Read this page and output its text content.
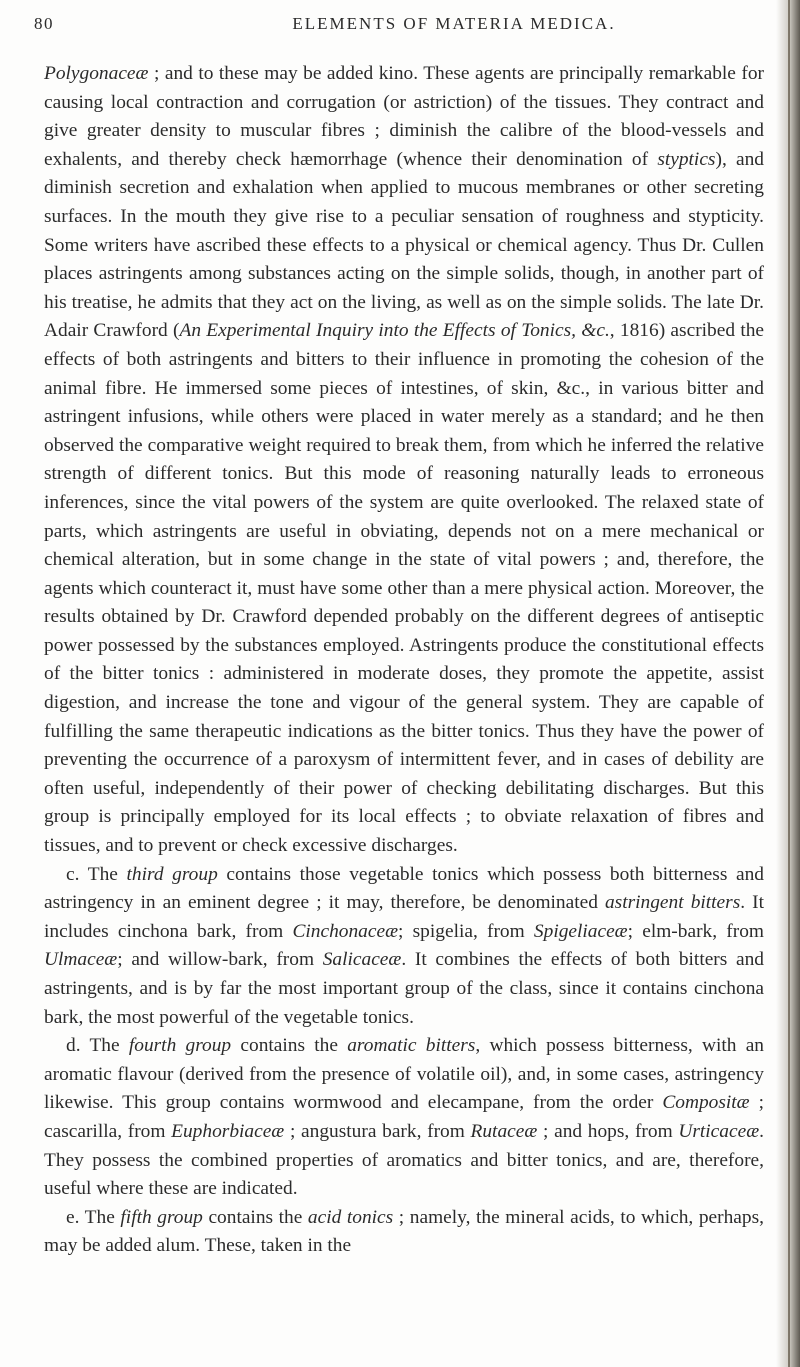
80	ELEMENTS OF MATERIA MEDICA.

Polygonaceæ ; and to these may be added kino. These agents are principally remarkable for causing local contraction and corrugation (or astriction) of the tissues. They contract and give greater density to muscular fibres ; diminish the calibre of the blood-vessels and exhalents, and thereby check hæmorrhage (whence their denomination of styptics), and diminish secretion and exhalation when applied to mucous membranes or other secreting surfaces. In the mouth they give rise to a peculiar sensation of roughness and stypticity. Some writers have ascribed these effects to a physical or chemical agency. Thus Dr. Cullen places astringents among substances acting on the simple solids, though, in another part of his treatise, he admits that they act on the living, as well as on the simple solids. The late Dr. Adair Crawford (An Experimental Inquiry into the Effects of Tonics, &c., 1816) ascribed the effects of both astringents and bitters to their influence in promoting the cohesion of the animal fibre. He immersed some pieces of intestines, of skin, &c., in various bitter and astringent infusions, while others were placed in water merely as a standard; and he then observed the comparative weight required to break them, from which he inferred the relative strength of different tonics. But this mode of reasoning naturally leads to erroneous inferences, since the vital powers of the system are quite overlooked. The relaxed state of parts, which astringents are useful in obviating, depends not on a mere mechanical or chemical alteration, but in some change in the state of vital powers ; and, therefore, the agents which counteract it, must have some other than a mere physical action. Moreover, the results obtained by Dr. Crawford depended probably on the different degrees of antiseptic power possessed by the substances employed. Astringents produce the constitutional effects of the bitter tonics : administered in moderate doses, they promote the appetite, assist digestion, and increase the tone and vigour of the general system. They are capable of fulfilling the same therapeutic indications as the bitter tonics. Thus they have the power of preventing the occurrence of a paroxysm of intermittent fever, and in cases of debility are often useful, independently of their power of checking debilitating discharges. But this group is principally employed for its local effects ; to obviate relaxation of fibres and tissues, and to prevent or check excessive discharges.

c. The third group contains those vegetable tonics which possess both bitterness and astringency in an eminent degree ; it may, therefore, be denominated astringent bitters. It includes cinchona bark, from Cinchonaceæ; spigelia, from Spigeliaceæ; elm-bark, from Ulmaceæ; and willow-bark, from Salicaceæ. It combines the effects of both bitters and astringents, and is by far the most important group of the class, since it contains cinchona bark, the most powerful of the vegetable tonics.

d. The fourth group contains the aromatic bitters, which possess bitterness, with an aromatic flavour (derived from the presence of volatile oil), and, in some cases, astringency likewise. This group contains wormwood and elecampane, from the order Compositæ ; cascarilla, from Euphorbiaceæ ; angustura bark, from Rutaceæ ; and hops, from Urticaceæ. They possess the combined properties of aromatics and bitter tonics, and are, therefore, useful where these are indicated.

e. The fifth group contains the acid tonics ; namely, the mineral acids, to which, perhaps, may be added alum. These, taken in the
